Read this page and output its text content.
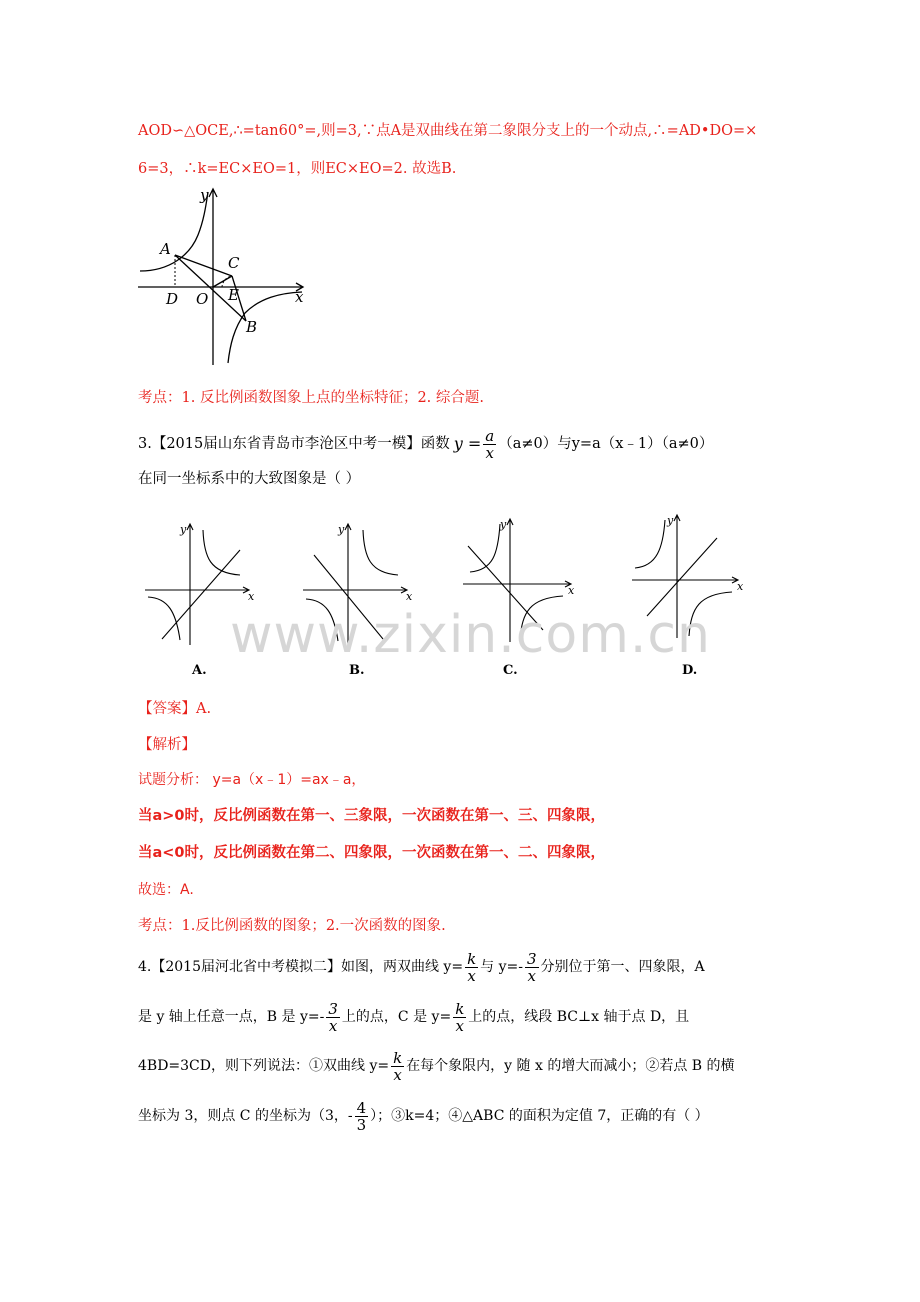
AOD∽△OCE,∴=tan60°=,则=3,∵点A是双曲线在第二象限分支上的一个动点,∴=AD•DO=×
6=3，∴k=EC×EO=1，则EC×EO=2. 故选B.
y
x
A
C
D O E
B
考点：1. 反比例函数图象上点的坐标特征；2. 综合题.
3.【2015届山东省青岛市李沧区中考一模】函数 $y = \frac{a}{x} (a\ne 0)$与y=a（x﹣1）（a≠0）
在同一坐标系中的大致图象是（ ）
y
x
y
x
y
x
y
x
www.zixin.com.cn
A.	B.	C.	D.
【答案】A.
【解析】
试题分析： y=a（x﹣1）=ax﹣a，
当a>0时，反比例函数在第一、三象限，一次函数在第一、三、四象限，
当a<0时，反比例函数在第二、四象限，一次函数在第一、二、四象限，
故选：A.
考点：1.反比例函数的图象；2.一次函数的图象.
4.【2015届河北省中考模拟二】如图，两双曲线 $y= \frac{k}{x}$ 与 $y=- \frac{3}{x}$ 分别位于第一、四象限，A
是 y 轴上任意一点，B 是 $y=- \frac{3}{x}$ 上的点，C 是 $y= \frac{k}{x}$ 上的点，线段 BC⊥x 轴于点 D，且
4BD=3CD，则下列说法：①双曲线 $y= \frac{k}{x}$ 在每个象限内，y 随 x 的增大而减小；②若点 B 的横
坐标为 3，则点 C 的坐标为（3，- $\frac{4}{3}$ ）；③k=4；④△ABC 的面积为定值 7，正确的有（ ）
